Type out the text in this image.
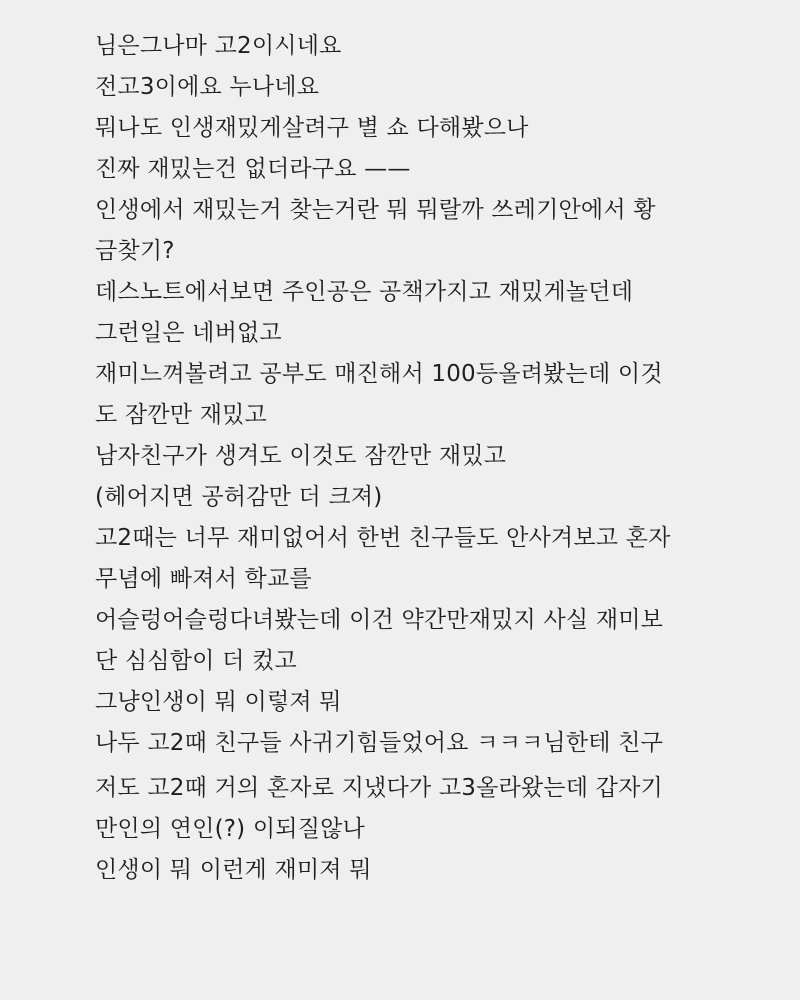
님은그나마 고2이시네요
전고3이에요 누나네요
뭐나도 인생재밌게살려구 별 쇼 다해봤으나
진짜 재밌는건 없더라구요 ——
인생에서 재밌는거 찾는거란 뭐 뭐랄까 쓰레기안에서 황
금찾기?
데스노트에서보면 주인공은 공책가지고 재밌게놀던데
그런일은 네버없고
재미느껴볼려고 공부도 매진해서 100등올려봤는데 이것
도 잠깐만 재밌고
남자친구가 생겨도 이것도 잠깐만 재밌고
(헤어지면 공허감만 더 크져)
고2때는 너무 재미없어서 한번 친구들도 안사겨보고 혼자
무념에 빠져서 학교를
어슬렁어슬렁다녀봤는데 이건 약간만재밌지 사실 재미보
단 심심함이 더 컸고
그냥인생이 뭐 이렇져 뭐
나두 고2때 친구들 사귀기힘들었어요 ㅋㅋㅋ님한테 친구
저도 고2때 거의 혼자로 지냈다가 고3올라왔는데 갑자기
만인의 연인(?) 이되질않나
인생이 뭐 이런게 재미져 뭐
